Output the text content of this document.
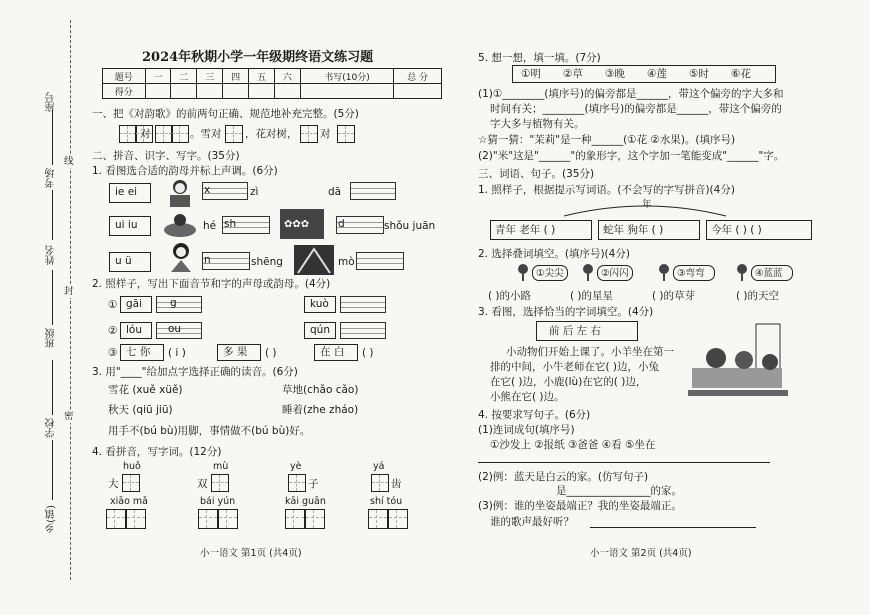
乡(镇)
学校
班级
姓名
考场
座号
密
封
线
2024年秋期小学一年级期终语文练习题
题号	一	二	三	四	五	六	书写(10分)	总 分
得分								
一、把《对韵歌》的前两句正确、规范地补充完整。(5分)
对	。雪对 ，花对树， 对
二、拼音、识字、写字。(35分)
1. 看图选合适的韵母并标上声调。(6分)
ie ei
ui iu
u ü
✿✿✿
x	zì	dā
hé sh	d	shǒu juān
n	shēng	mò
2. 照样子，写出下面音节和字的声母或韵母。(4分)
① gāi	g	kuò
② lóu ou	qún
③ 七 你 ( i )	多 果 ( )	在 白 ( )
3. 用"____"给加点字选择正确的读音。(6分)
雪花 (xuě xüě)	草地(chǎo cǎo)
秋天 (qiū jiū)	睡着(zhe zháo)
用手不(bú bù)用脚，事情做不(bú bù)好。
4. 看拼音，写字词。(12分)
huǒ
大
mù
双
yè
子
yá
齿
xiāo mǎ	bái yún	kāi guān	shí tóu
小一语文 第1页 (共4页)
5. 想一想，填一填。(7分)
①明 ②草 ③晚 ④莲 ⑤时 ⑥花
(1)①________(填序号)的偏旁都是______，带这个偏旁的字大多和
时间有关；________(填序号)的偏旁都是______，带这个偏旁的
字大多与植物有关。
☆猜一猜："茉莉"是一种______(①花 ②水果)。(填序号)
(2)"米"这是"______"的象形字，这个字加一笔能变成"______"字。
三、词语、句子。(35分)
1. 照样子，根据提示写词语。(不会写的字写拼音)(4分)
年
青年 老年 ( )	蛇年 狗年 ( )	今年 ( ) ( )
2. 选择叠词填空。(填序号)(4分)
①尖尖	②闪闪	③弯弯	④蓝蓝
( )的小路	( )的星星	( )的草芽	( )的天空
3. 看图，选择恰当的字词填空。(4分)
前 后 左 右
小动物们开始上课了。小羊坐在第一
排的中间，小牛老师在它( )边，小兔
在它( )边，小鹿(lù)在它的( )边，
小熊在它( )边。
4. 按要求写句子。(6分)
(1)连词成句(填序号)
①沙发上 ②报纸 ③爸爸 ④看 ⑤坐在
(2)例：蓝天是白云的家。(仿写句子)
是________________的家。
(3)例：谁的坐姿最端正？我的坐姿最端正。
谁的歌声最好听？
小一语文 第2页 (共4页)
